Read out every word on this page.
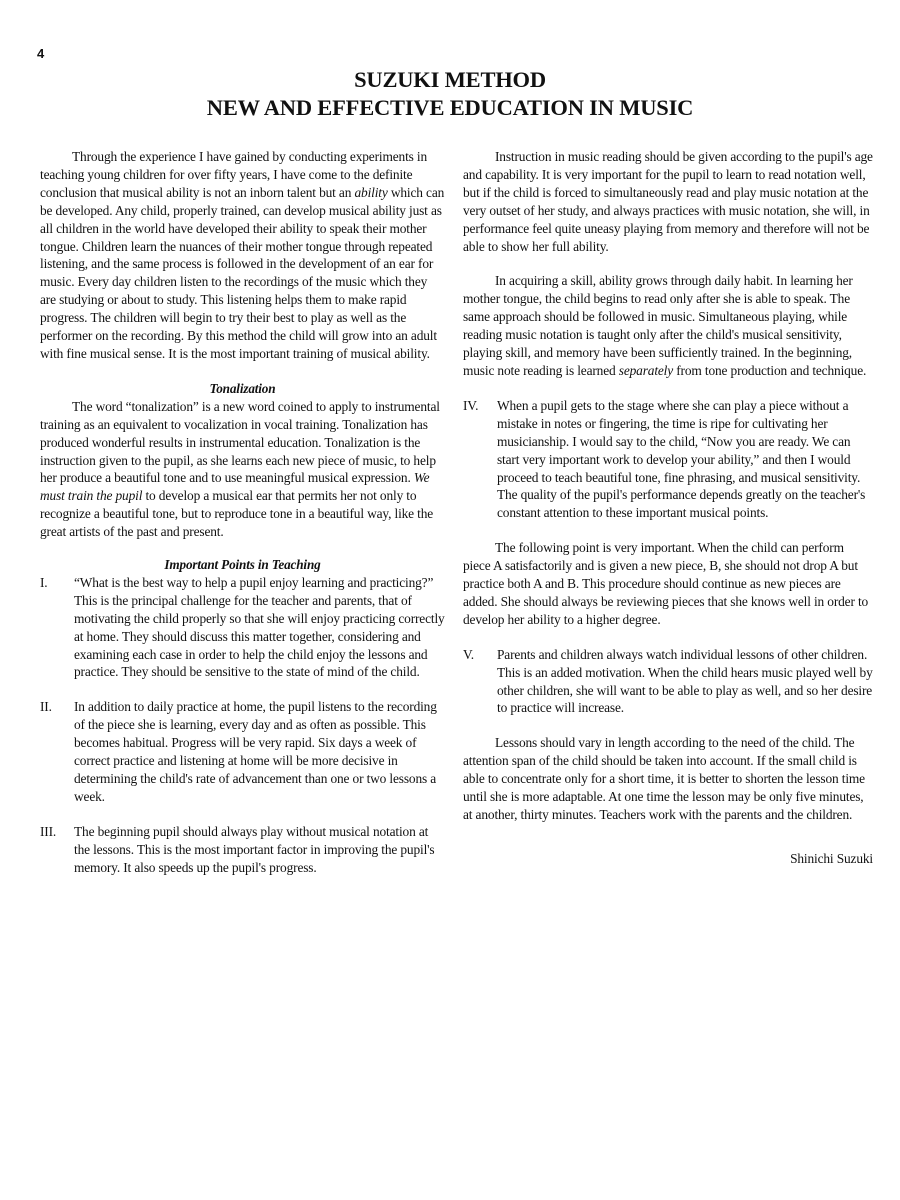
4
SUZUKI METHOD
NEW AND EFFECTIVE EDUCATION IN MUSIC

Through the experience I have gained by conducting experiments in teaching young children for over fifty years, I have come to the definite conclusion that musical ability is not an inborn talent but an ability which can be developed. Any child, properly trained, can develop musical ability just as all children in the world have developed their ability to speak their mother tongue. Children learn the nuances of their mother tongue through repeated listening, and the same process is followed in the development of an ear for music. Every day children listen to the recordings of the music which they are studying or about to study. This listening helps them to make rapid progress. The children will begin to try their best to play as well as the performer on the recording. By this method the child will grow into an adult with fine musical sense. It is the most important training of musical ability.

Tonalization

The word “tonalization” is a new word coined to apply to instrumental training as an equivalent to vocalization in vocal training. Tonalization has produced wonderful results in instrumental education. Tonalization is the instruction given to the pupil, as she learns each new piece of music, to help her produce a beautiful tone and to use meaningful musical expression. We must train the pupil to develop a musical ear that permits her not only to recognize a beautiful tone, but to reproduce tone in a beautiful way, like the great artists of the past and present.

Important Points in Teaching
I.	“What is the best way to help a pupil enjoy learning and practicing?” This is the principal challenge for the teacher and parents, that of motivating the child properly so that she will enjoy practicing correctly at home. They should discuss this matter together, considering and examining each case in order to help the child enjoy the lessons and practice. They should be sensitive to the state of mind of the child.
II.	In addition to daily practice at home, the pupil listens to the recording of the piece she is learning, every day and as often as possible. This becomes habitual. Progress will be very rapid. Six days a week of correct practice and listening at home will be more decisive in determining the child's rate of advancement than one or two lessons a week.
III.	The beginning pupil should always play without musical notation at the lessons. This is the most important factor in improving the pupil's memory. It also speeds up the pupil's progress.

Instruction in music reading should be given according to the pupil's age and capability. It is very important for the pupil to learn to read notation well, but if the child is forced to simultaneously read and play music notation at the very outset of her study, and always practices with music notation, she will, in performance feel quite uneasy playing from memory and therefore will not be able to show her full ability.

In acquiring a skill, ability grows through daily habit. In learning her mother tongue, the child begins to read only after she is able to speak. The same approach should be followed in music. Simultaneous playing, while reading music notation is taught only after the child's musical sensitivity, playing skill, and memory have been sufficiently trained. In the beginning, music note reading is learned separately from tone production and technique.

IV.	When a pupil gets to the stage where she can play a piece without a mistake in notes or fingering, the time is ripe for cultivating her musicianship. I would say to the child, “Now you are ready. We can start very important work to develop your ability,” and then I would proceed to teach beautiful tone, fine phrasing, and musical sensitivity.
The quality of the pupil's performance depends greatly on the teacher's constant attention to these important musical points.

The following point is very important. When the child can perform piece A satisfactorily and is given a new piece, B, she should not drop A but practice both A and B. This procedure should continue as new pieces are added. She should always be reviewing pieces that she knows well in order to develop her ability to a higher degree.

V.	Parents and children always watch individual lessons of other children. This is an added motivation. When the child hears music played well by other children, she will want to be able to play as well, and so her desire to practice will increase.

Lessons should vary in length according to the need of the child. The attention span of the child should be taken into account. If the small child is able to concentrate only for a short time, it is better to shorten the lesson time until she is more adaptable. At one time the lesson may be only five minutes, at another, thirty minutes. Teachers work with the parents and the children.

Shinichi Suzuki
